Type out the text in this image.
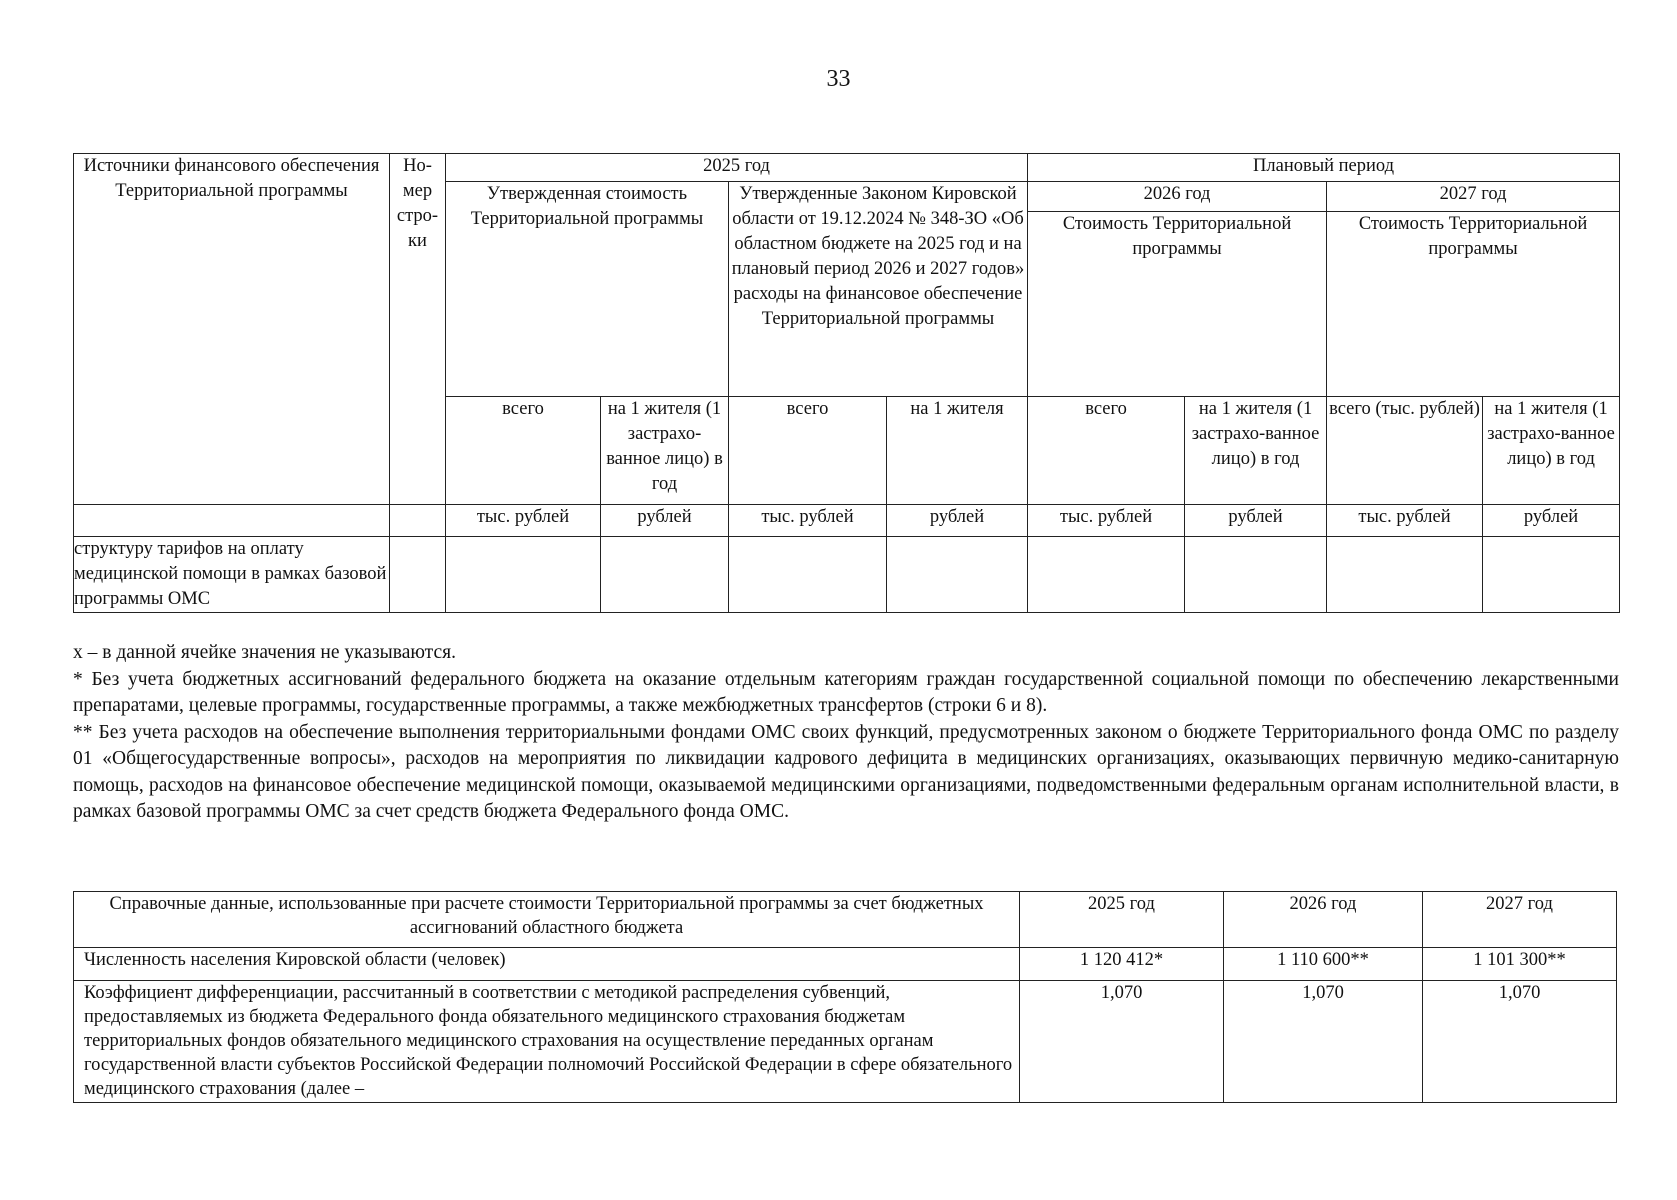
33
Источники финансового обеспечения Территориальной программы	Но-мер стро-ки	2025 год				Плановый период			
		Утвержденная стоимость Территориальной программы		Утвержденные Законом Кировской области от 19.12.2024 № 348-ЗО «Об областном бюджете на 2025 год и на плановый период 2026 и 2027 годов» расходы на финансовое обеспечение Территориальной программы		2026 год		2027 год	
						Стоимость Территориальной программы		Стоимость Территориальной программы	
		всего	на 1 жителя (1 застрахо-ванное лицо) в год	всего	на 1 жителя	всего	на 1 жителя (1 застрахо-ванное лицо) в год	всего (тыс. рублей)	на 1 жителя (1 застрахо-ванное лицо) в год
		тыс. рублей	рублей	тыс. рублей	рублей	тыс. рублей	рублей	тыс. рублей	рублей
структуру тарифов на оплату медицинской помощи в рамках базовой программы ОМС									

х – в данной ячейке значения не указываются.

* Без учета бюджетных ассигнований федерального бюджета на оказание отдельным категориям граждан государственной социальной помощи по обеспечению лекарственными препаратами, целевые программы, государственные программы, а также межбюджетных трансфертов (строки 6 и 8).

** Без учета расходов на обеспечение выполнения территориальными фондами ОМС своих функций, предусмотренных законом о бюджете Территориального фонда ОМС по разделу 01 «Общегосударственные вопросы», расходов на мероприятия по ликвидации кадрового дефицита в медицинских организациях, оказывающих первичную медико-санитарную помощь, расходов на финансовое обеспечение медицинской помощи, оказываемой медицинскими организациями, подведомственными федеральным органам исполнительной власти, в рамках базовой программы ОМС за счет средств бюджета Федерального фонда ОМС.

Справочные данные, использованные при расчете стоимости Территориальной программы за счет бюджетных ассигнований областного бюджета	2025 год	2026 год	2027 год
Численность населения Кировской области (человек)	1 120 412*	1 110 600**	1 101 300**
Коэффициент дифференциации, рассчитанный в соответствии с методикой распределения субвенций, предоставляемых из бюджета Федерального фонда обязательного медицинского страхования бюджетам территориальных фондов обязательного медицинского страхования на осуществление переданных органам государственной власти субъектов Российской Федерации полномочий Российской Федерации в сфере обязательного медицинского страхования (далее –	1,070	1,070	1,070
